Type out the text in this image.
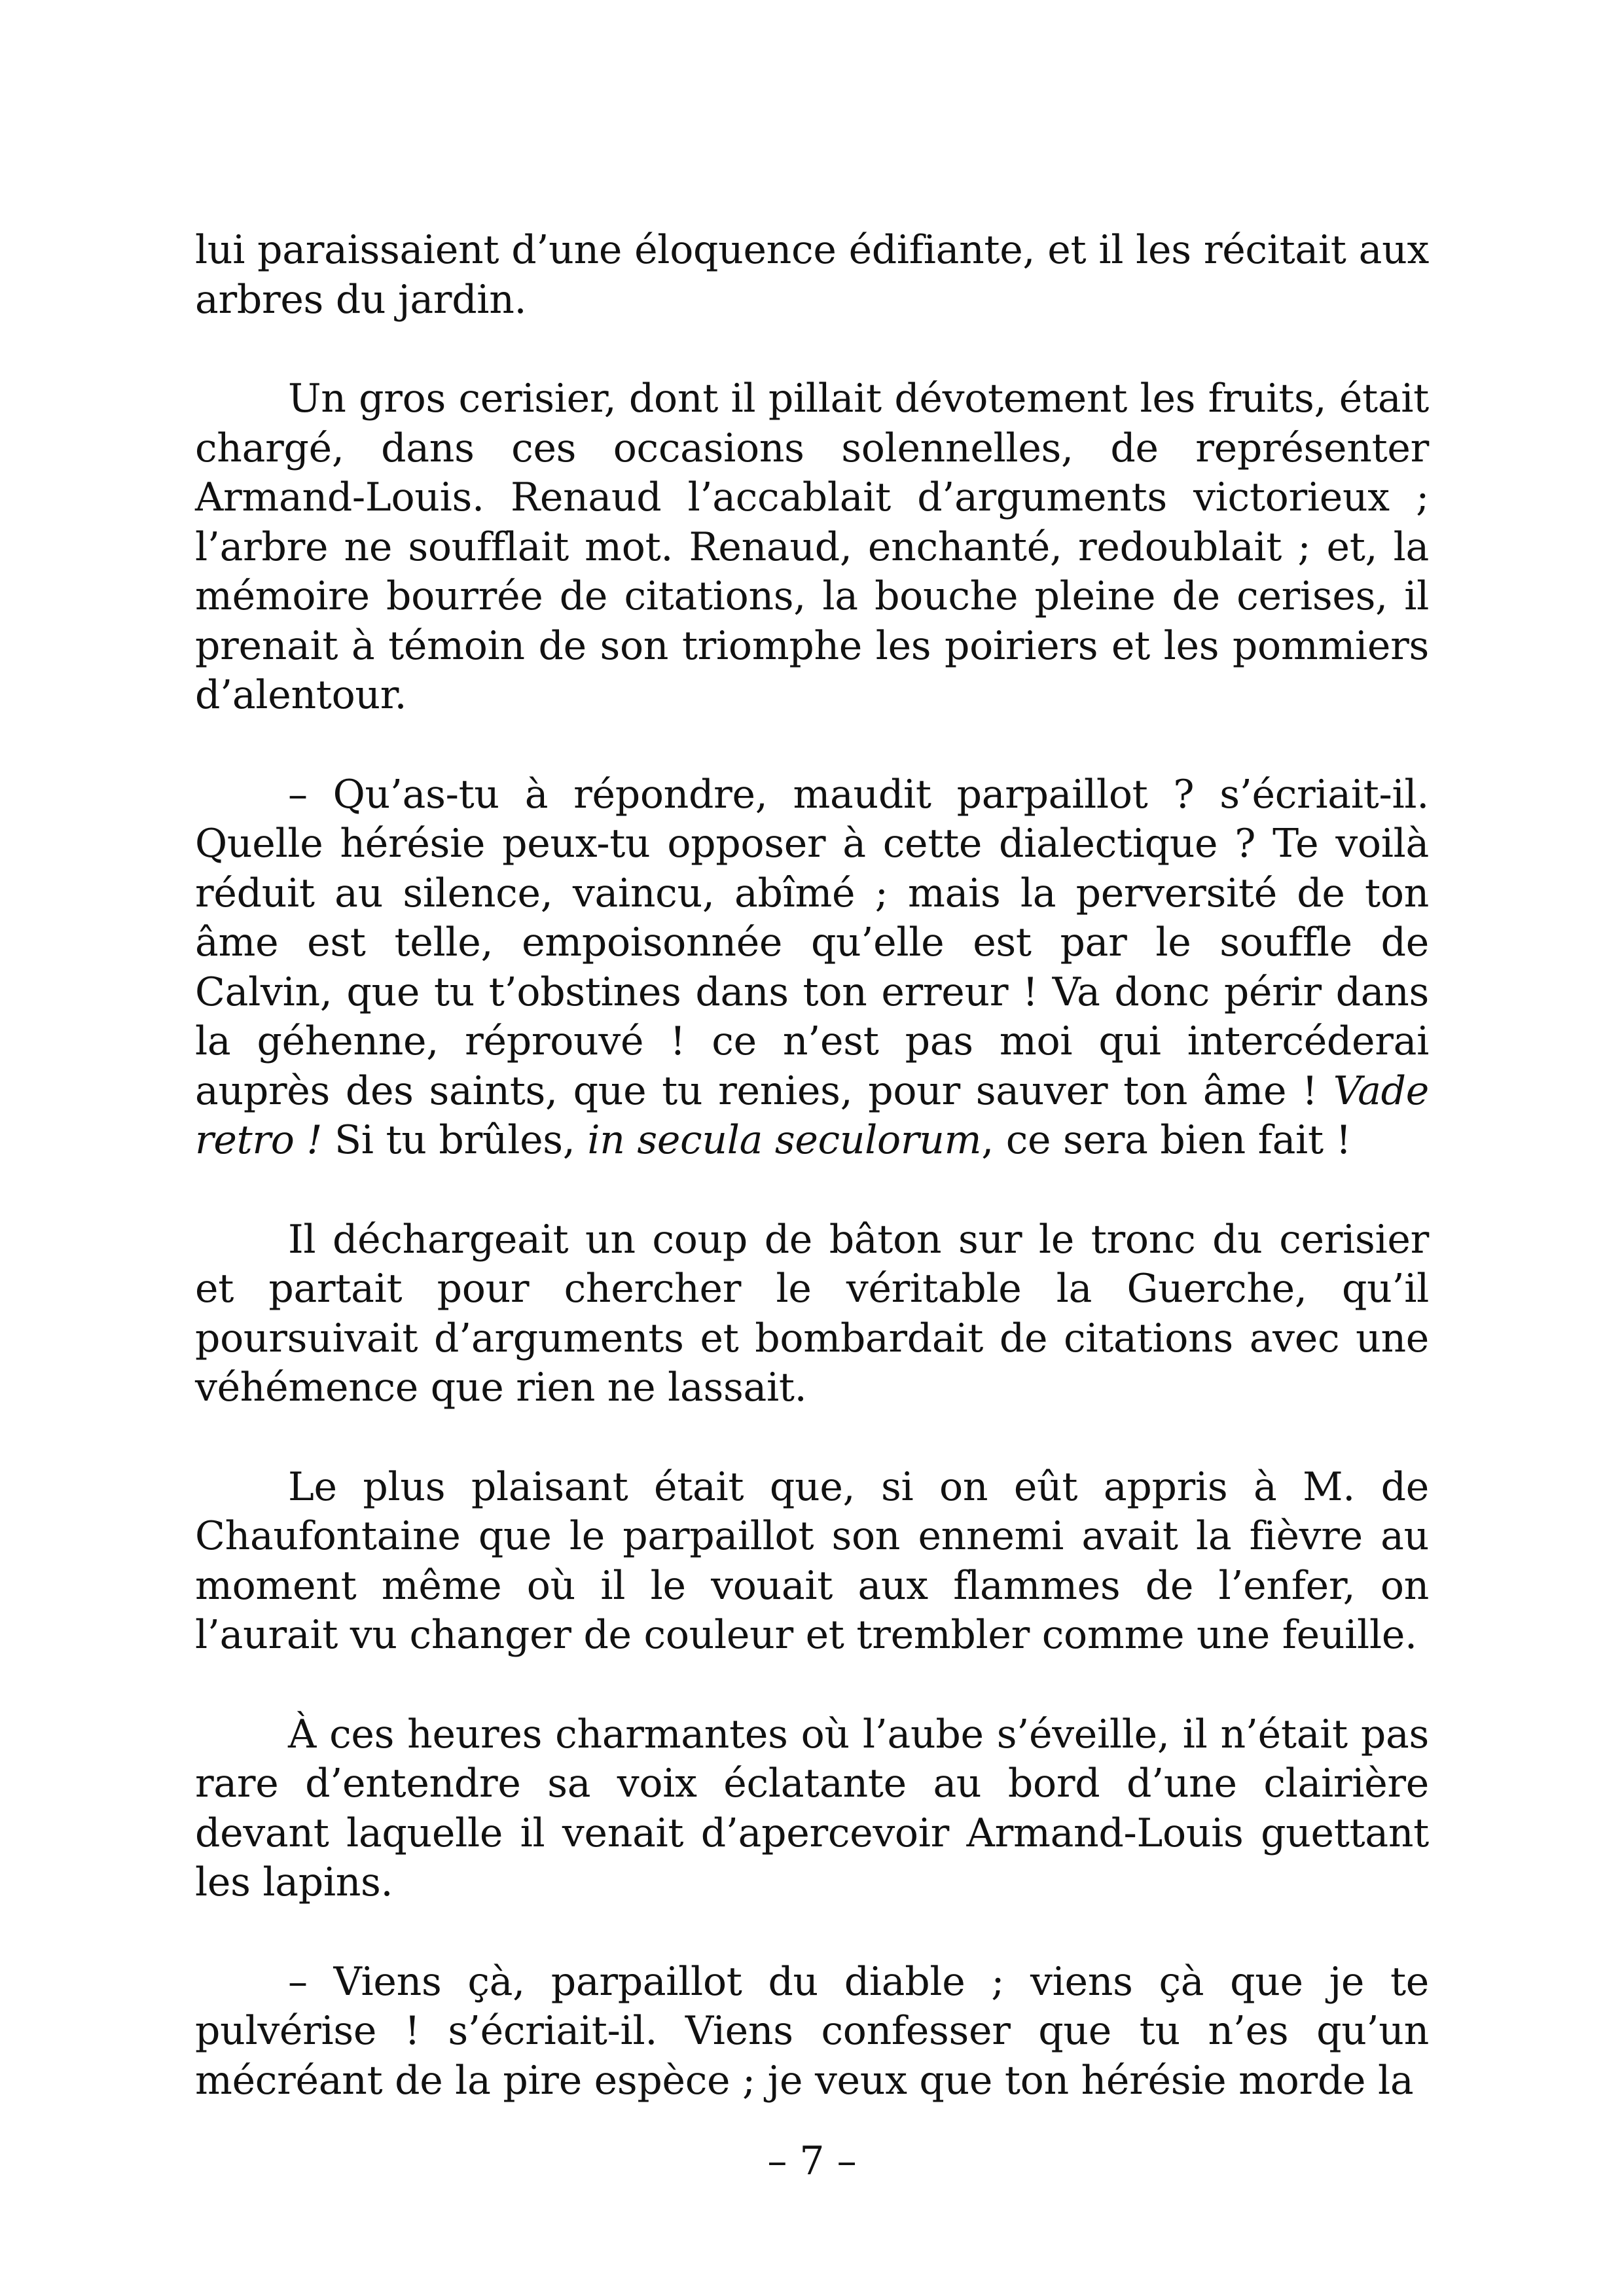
lui paraissaient d’une éloquence édifiante, et il les récitait aux arbres du jardin.

Un gros cerisier, dont il pillait dévotement les fruits, était chargé, dans ces occasions solennelles, de représenter Armand-Louis. Renaud l’accablait d’arguments victorieux ; l’arbre ne soufflait mot. Renaud, enchanté, redoublait ; et, la mémoire bourrée de citations, la bouche pleine de cerises, il prenait à témoin de son triomphe les poiriers et les pommiers d’alentour.

– Qu’as-tu à répondre, maudit parpaillot ? s’écriait-il. Quelle hérésie peux-tu opposer à cette dialectique ? Te voilà réduit au silence, vaincu, abîmé ; mais la perversité de ton âme est telle, empoisonnée qu’elle est par le souffle de Calvin, que tu t’obstines dans ton erreur ! Va donc périr dans la géhenne, réprouvé ! ce n’est pas moi qui intercéderai auprès des saints, que tu renies, pour sauver ton âme ! Vade retro ! Si tu brûles, in secula seculorum, ce sera bien fait !

Il déchargeait un coup de bâton sur le tronc du cerisier et partait pour chercher le véritable la Guerche, qu’il poursuivait d’arguments et bombardait de citations avec une véhémence que rien ne lassait.

Le plus plaisant était que, si on eût appris à M. de Chaufontaine que le parpaillot son ennemi avait la fièvre au moment même où il le vouait aux flammes de l’enfer, on l’aurait vu changer de couleur et trembler comme une feuille.

À ces heures charmantes où l’aube s’éveille, il n’était pas rare d’entendre sa voix éclatante au bord d’une clairière devant laquelle il venait d’apercevoir Armand-Louis guettant les lapins.

– Viens çà, parpaillot du diable ; viens çà que je te pulvérise ! s’écriait-il. Viens confesser que tu n’es qu’un mécréant de la pire espèce ; je veux que ton hérésie morde la

– 7 –
